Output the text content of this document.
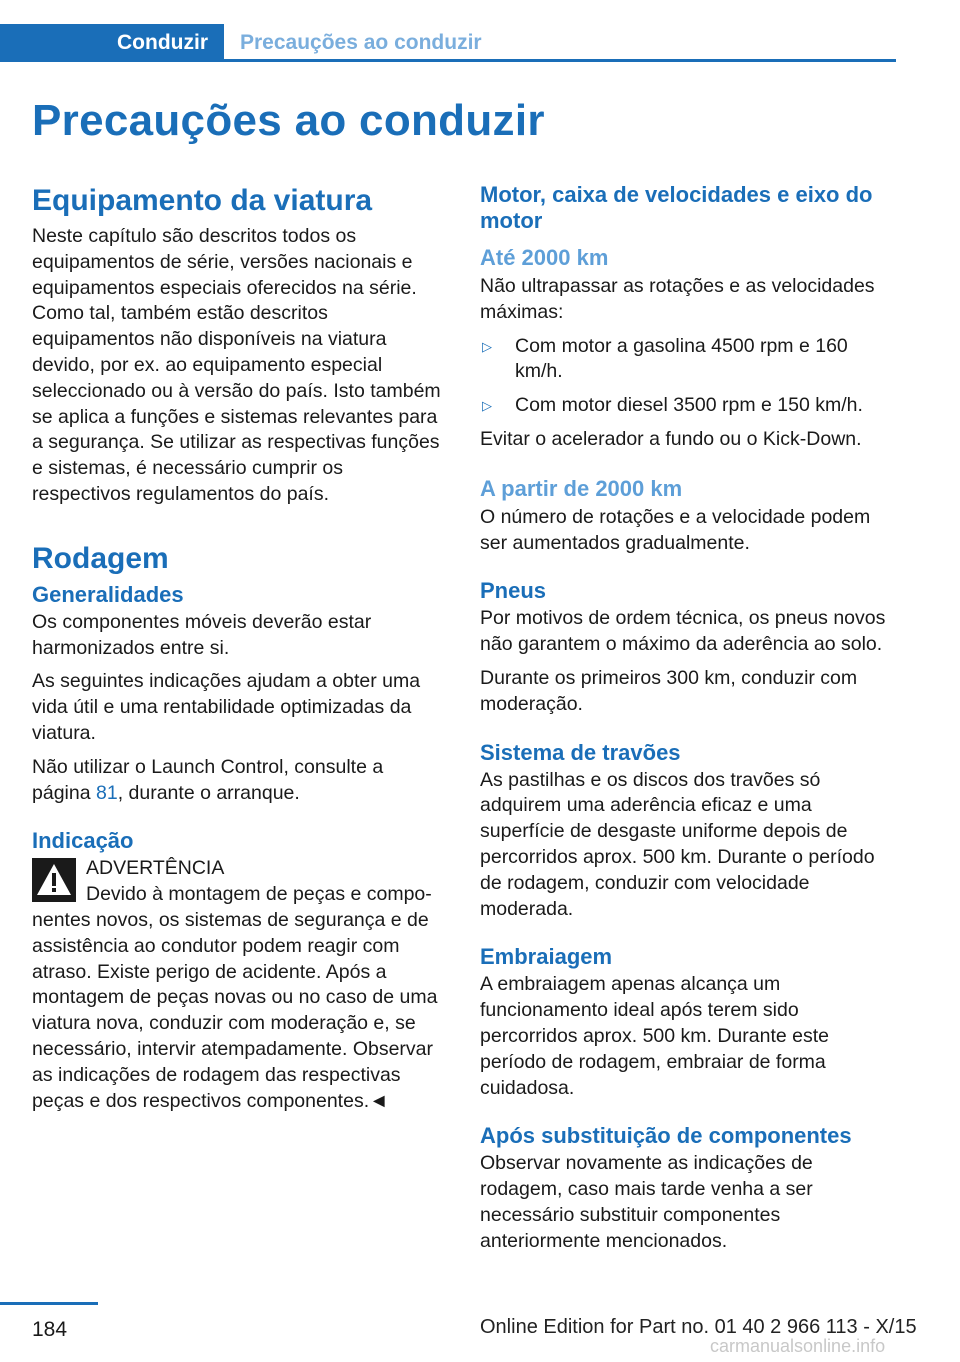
Conduzir	Precauções ao conduzir
Precauções ao conduzir
Equipamento da viatura

Neste capítulo são descritos todos os equipamentos de série, versões nacionais e equipamentos especiais oferecidos na série. Como tal, também estão descritos equipamentos não disponíveis na viatura devido, por ex. ao equipamento especial seleccionado ou à versão do país. Isto também se aplica a funções e sistemas relevantes para a segurança. Se utilizar as respectivas funções e sistemas, é necessário cumprir os respectivos regulamentos do país.

Rodagem
Generalidades

Os componentes móveis deverão estar harmonizados entre si.

As seguintes indicações ajudam a obter uma vida útil e uma rentabilidade optimizadas da viatura.

Não utilizar o Launch Control, consulte a página 81, durante o arranque.

Indicação
ADVERTÊNCIA
Devido à montagem de peças e compo-

nentes novos, os sistemas de segurança e de assistência ao condutor podem reagir com atraso. Existe perigo de acidente. Após a montagem de peças novas ou no caso de uma viatura nova, conduzir com moderação e, se necessário, intervir atempadamente. Observar as indicações de rodagem das respectivas peças e dos respectivos componentes.◄

Motor, caixa de velocidades e eixo do motor
Até 2000 km

Não ultrapassar as rotações e as velocidades máximas:

▷	Com motor a gasolina 4500 rpm e 160 km/h.
▷	Com motor diesel 3500 rpm e 150 km/h.

Evitar o acelerador a fundo ou o Kick-Down.

A partir de 2000 km

O número de rotações e a velocidade podem ser aumentados gradualmente.

Pneus

Por motivos de ordem técnica, os pneus novos não garantem o máximo da aderência ao solo.

Durante os primeiros 300 km, conduzir com moderação.

Sistema de travões

As pastilhas e os discos dos travões só adquirem uma aderência eficaz e uma superfície de desgaste uniforme depois de percorridos aprox. 500 km. Durante o período de rodagem, conduzir com velocidade moderada.

Embraiagem

A embraiagem apenas alcança um funcionamento ideal após terem sido percorridos aprox. 500 km. Durante este período de rodagem, embraiar de forma cuidadosa.

Após substituição de componentes

Observar novamente as indicações de rodagem, caso mais tarde venha a ser necessário substituir componentes anteriormente mencionados.

184	Online Edition for Part no. 01 40 2 966 113 - X/15
carmanualsonline.info
